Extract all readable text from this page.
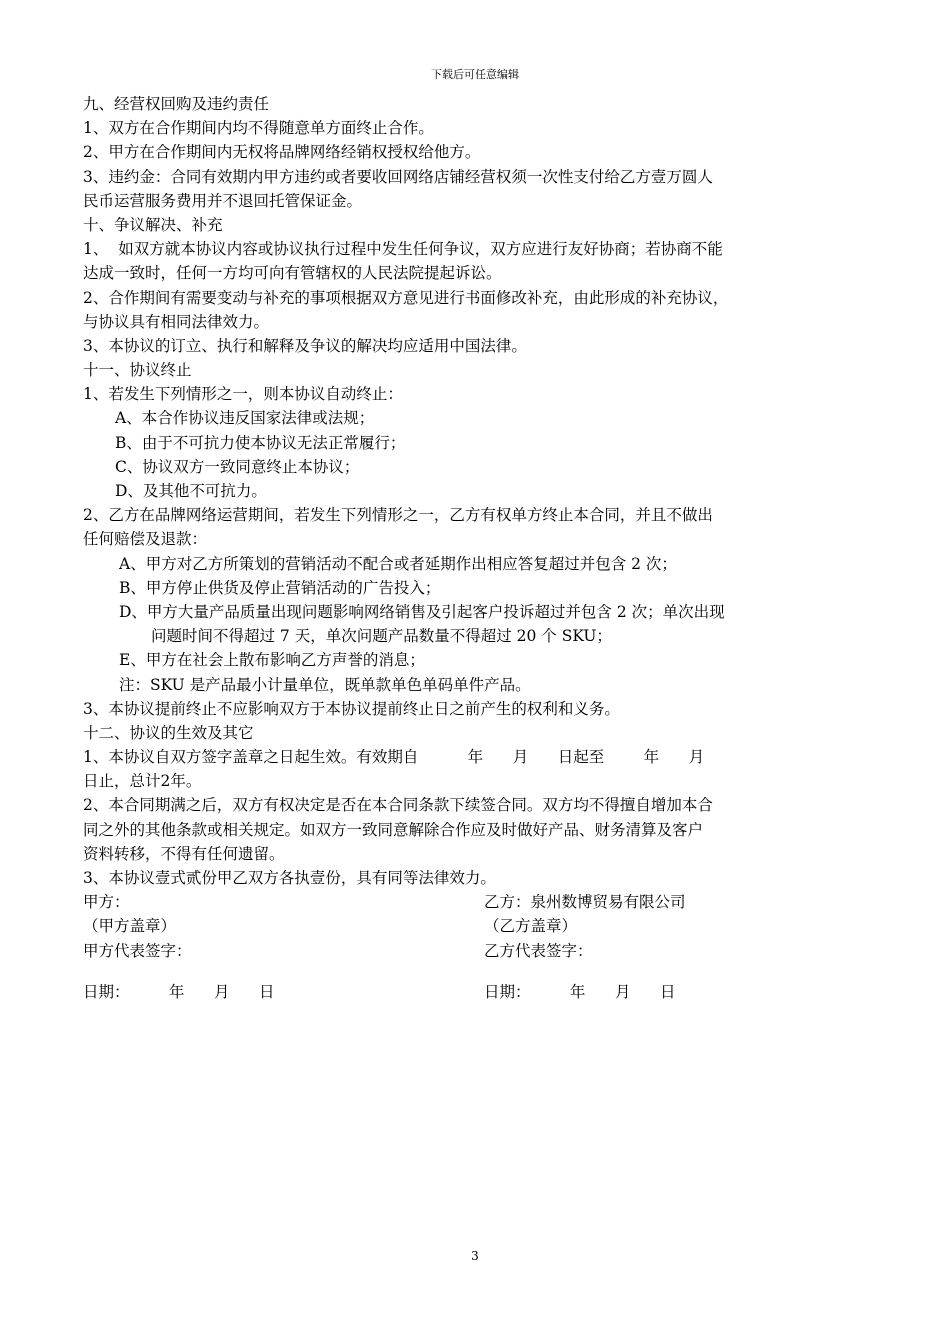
下载后可任意编辑
九、经营权回购及违约责任
1、双方在合作期间内均不得随意单方面终止合作。
2、甲方在合作期间内无权将品牌网络经销权授权给他方。
3、违约金：合同有效期内甲方违约或者要收回网络店铺经营权须一次性支付给乙方壹万圆人
民币运营服务费用并不退回托管保证金。
十、争议解决、补充
1、  如双方就本协议内容或协议执行过程中发生任何争议，双方应进行友好协商；若协商不能
达成一致时，任何一方均可向有管辖权的人民法院提起诉讼。
2、合作期间有需要变动与补充的事项根据双方意见进行书面修改补充，由此形成的补充协议，
与协议具有相同法律效力。
3、本协议的订立、执行和解释及争议的解决均应适用中国法律。
十一、协议终止
1、若发生下列情形之一，则本协议自动终止：
A、本合作协议违反国家法律或法规；
B、由于不可抗力使本协议无法正常履行；
C、协议双方一致同意终止本协议；
D、及其他不可抗力。
2、乙方在品牌网络运营期间，若发生下列情形之一，乙方有权单方终止本合同，并且不做出
任何赔偿及退款：
A、甲方对乙方所策划的营销活动不配合或者延期作出相应答复超过并包含 2 次；
B、甲方停止供货及停止营销活动的广告投入；
D、甲方大量产品质量出现问题影响网络销售及引起客户投诉超过并包含 2 次；单次出现
问题时间不得超过 7 天，单次问题产品数量不得超过 20 个 SKU；
E、甲方在社会上散布影响乙方声誉的消息；
注：SKU 是产品最小计量单位，既单款单色单码单件产品。
3、本协议提前终止不应影响双方于本协议提前终止日之前产生的权利和义务。
十二、协议的生效及其它
1、本协议自双方签字盖章之日起生效。有效期自          年      月      日起至        年      月
日止，总计2年。
2、本合同期满之后，双方有权决定是否在本合同条款下续签合同。双方均不得擅自增加本合
同之外的其他条款或相关规定。如双方一致同意解除合作应及时做好产品、财务清算及客户
资料转移，不得有任何遗留。
3、本协议壹式贰份甲乙双方各执壹份，具有同等法律效力。
甲方：	乙方：泉州数博贸易有限公司
（甲方盖章）	（乙方盖章）
甲方代表签字：	乙方代表签字：
日期：        年      月      日	日期：        年      月      日
3
